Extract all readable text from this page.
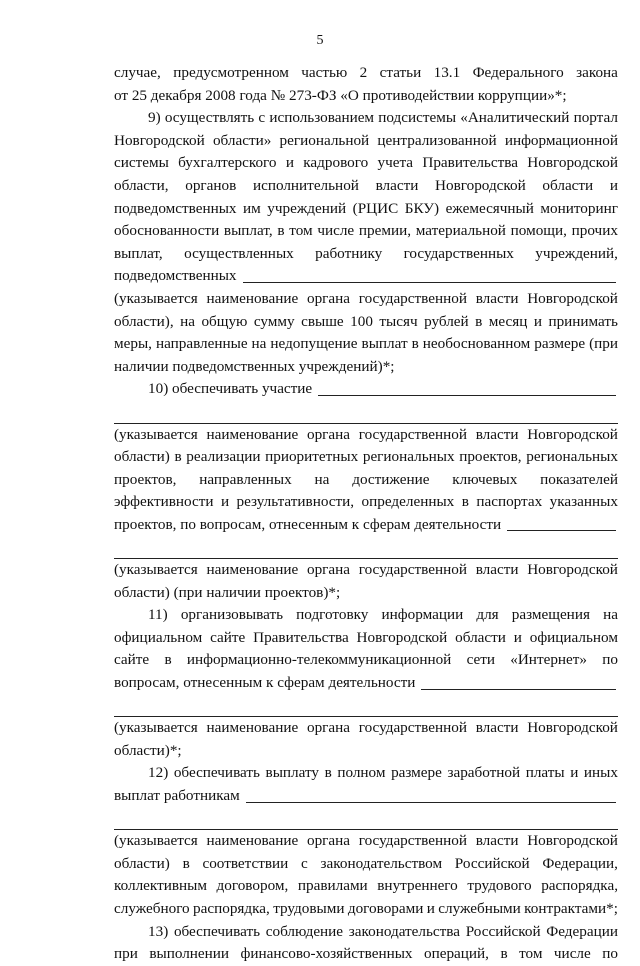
5
случае, предусмотренном частью 2 статьи 13.1 Федерального закона
от 25 декабря 2008 года № 273-ФЗ «О противодействии коррупции»*;
9) осуществлять с использованием подсистемы «Аналитический портал
Новгородской области» региональной централизованной информационной
системы бухгалтерского и кадрового учета Правительства Новгородской
области, органов исполнительной власти Новгородской области и
подведомственных им учреждений (РЦИС БКУ) ежемесячный мониторинг
обоснованности выплат, в том числе премии, материальной помощи, прочих
выплат, осуществленных работнику государственных учреждений,
подведомственных
(указывается наименование органа государственной власти Новгородской
области), на общую сумму свыше 100 тысяч рублей в месяц и принимать
меры, направленные на недопущение выплат в необоснованном размере (при
наличии подведомственных учреждений)*;
10) обеспечивать участие
(указывается наименование органа государственной власти Новгородской
области) в реализации приоритетных региональных проектов, региональных
проектов, направленных на достижение ключевых показателей
эффективности и результативности, определенных в паспортах указанных
проектов, по вопросам, отнесенным к сферам деятельности
(указывается наименование органа государственной власти Новгородской
области) (при наличии проектов)*;
11) организовывать подготовку информации для размещения на
официальном сайте Правительства Новгородской области и официальном
сайте в информационно-телекоммуникационной сети «Интернет» по
вопросам, отнесенным к сферам деятельности
(указывается наименование органа государственной власти Новгородской
области)*;
12) обеспечивать выплату в полном размере заработной платы и иных
выплат работникам
(указывается наименование органа государственной власти Новгородской
области) в соответствии с законодательством Российской Федерации,
коллективным договором, правилами внутреннего трудового распорядка,
служебного распорядка, трудовыми договорами и служебными контрактами*;
13) обеспечивать соблюдение законодательства Российской Федерации
при выполнении финансово-хозяйственных операций, в том числе по
